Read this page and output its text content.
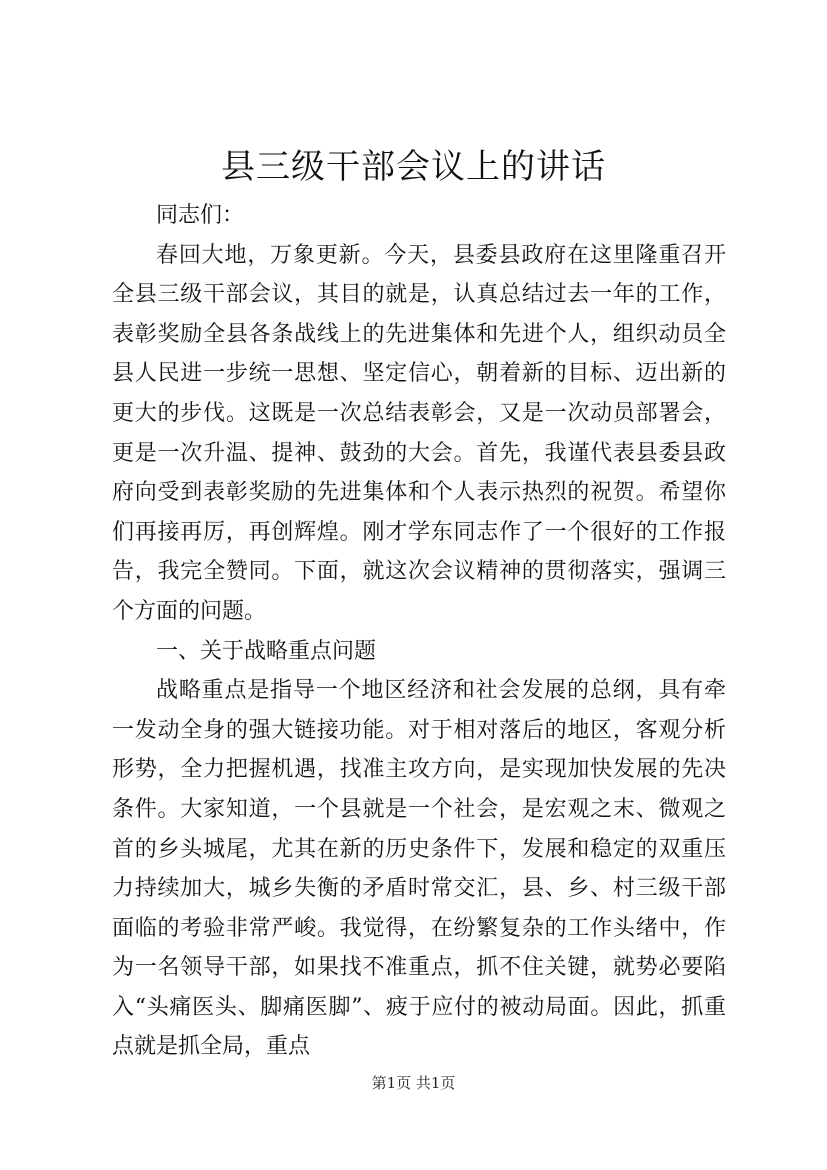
县三级干部会议上的讲话

同志们：

春回大地，万象更新。今天，县委县政府在这里隆重召开全县三级干部会议，其目的就是，认真总结过去一年的工作，表彰奖励全县各条战线上的先进集体和先进个人，组织动员全县人民进一步统一思想、坚定信心，朝着新的目标、迈出新的更大的步伐。这既是一次总结表彰会，又是一次动员部署会，更是一次升温、提神、鼓劲的大会。首先，我谨代表县委县政府向受到表彰奖励的先进集体和个人表示热烈的祝贺。希望你们再接再厉，再创辉煌。刚才学东同志作了一个很好的工作报告，我完全赞同。下面，就这次会议精神的贯彻落实，强调三个方面的问题。

一、关于战略重点问题

战略重点是指导一个地区经济和社会发展的总纲，具有牵一发动全身的强大链接功能。对于相对落后的地区，客观分析形势，全力把握机遇，找准主攻方向，是实现加快发展的先决条件。大家知道，一个县就是一个社会，是宏观之末、微观之首的乡头城尾，尤其在新的历史条件下，发展和稳定的双重压力持续加大，城乡失衡的矛盾时常交汇，县、乡、村三级干部面临的考验非常严峻。我觉得，在纷繁复杂的工作头绪中，作为一名领导干部，如果找不准重点，抓不住关键，就势必要陷入“头痛医头、脚痛医脚”、疲于应付的被动局面。因此，抓重点就是抓全局，重点

第1页 共1页
